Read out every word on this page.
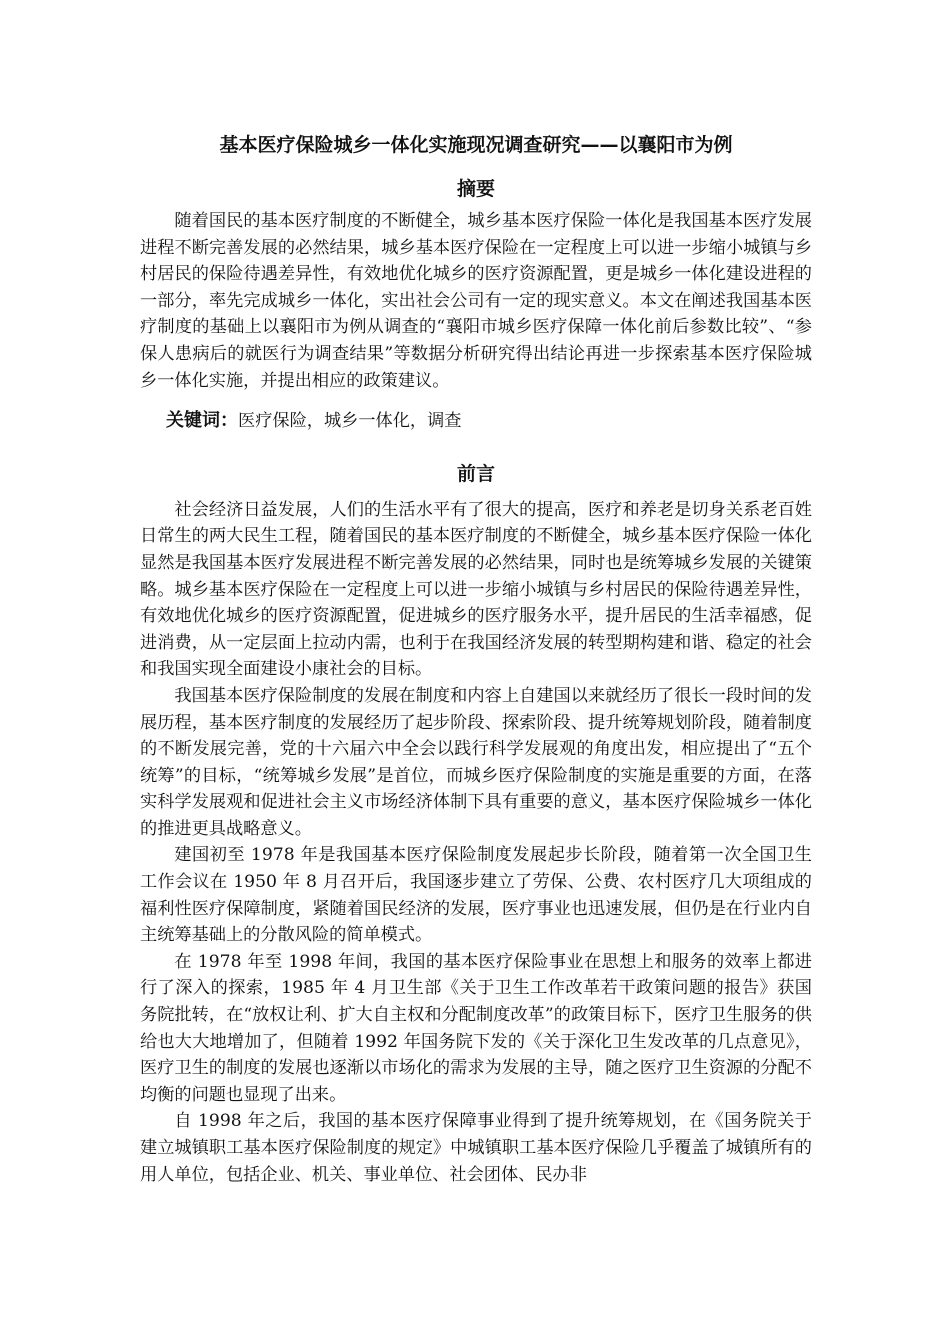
基本医疗保险城乡一体化实施现况调查研究——以襄阳市为例
摘要

随着国民的基本医疗制度的不断健全，城乡基本医疗保险一体化是我国基本医疗发展进程不断完善发展的必然结果，城乡基本医疗保险在一定程度上可以进一步缩小城镇与乡村居民的保险待遇差异性，有效地优化城乡的医疗资源配置，更是城乡一体化建设进程的一部分，率先完成城乡一体化，实出社会公司有一定的现实意义。本文在阐述我国基本医疗制度的基础上以襄阳市为例从调查的“襄阳市城乡医疗保障一体化前后参数比较”、“参保人患病后的就医行为调查结果”等数据分析研究得出结论再进一步探索基本医疗保险城乡一体化实施，并提出相应的政策建议。

关键词：医疗保险，城乡一体化，调查
前言

社会经济日益发展，人们的生活水平有了很大的提高，医疗和养老是切身关系老百姓日常生的两大民生工程，随着国民的基本医疗制度的不断健全，城乡基本医疗保险一体化显然是我国基本医疗发展进程不断完善发展的必然结果，同时也是统筹城乡发展的关键策略。城乡基本医疗保险在一定程度上可以进一步缩小城镇与乡村居民的保险待遇差异性，有效地优化城乡的医疗资源配置，促进城乡的医疗服务水平，提升居民的生活幸福感，促进消费，从一定层面上拉动内需，也利于在我国经济发展的转型期构建和谐、稳定的社会和我国实现全面建设小康社会的目标。

我国基本医疗保险制度的发展在制度和内容上自建国以来就经历了很长一段时间的发展历程，基本医疗制度的发展经历了起步阶段、探索阶段、提升统筹规划阶段，随着制度的不断发展完善，党的十六届六中全会以践行科学发展观的角度出发，相应提出了“五个统筹”的目标，“统筹城乡发展”是首位，而城乡医疗保险制度的实施是重要的方面，在落实科学发展观和促进社会主义市场经济体制下具有重要的意义，基本医疗保险城乡一体化的推进更具战略意义。

建国初至 1978 年是我国基本医疗保险制度发展起步长阶段，随着第一次全国卫生工作会议在 1950 年 8 月召开后，我国逐步建立了劳保、公费、农村医疗几大项组成的福利性医疗保障制度，紧随着国民经济的发展，医疗事业也迅速发展，但仍是在行业内自主统筹基础上的分散风险的简单模式。

在 1978 年至 1998 年间，我国的基本医疗保险事业在思想上和服务的效率上都进行了深入的探索，1985 年 4 月卫生部《关于卫生工作改革若干政策问题的报告》获国务院批转，在“放权让利、扩大自主权和分配制度改革”的政策目标下，医疗卫生服务的供给也大大地增加了，但随着 1992 年国务院下发的《关于深化卫生发改革的几点意见》，医疗卫生的制度的发展也逐渐以市场化的需求为发展的主导，随之医疗卫生资源的分配不均衡的问题也显现了出来。

自 1998 年之后，我国的基本医疗保障事业得到了提升统筹规划，在《国务院关于建立城镇职工基本医疗保险制度的规定》中城镇职工基本医疗保险几乎覆盖了城镇所有的用人单位，包括企业、机关、事业单位、社会团体、民办非
